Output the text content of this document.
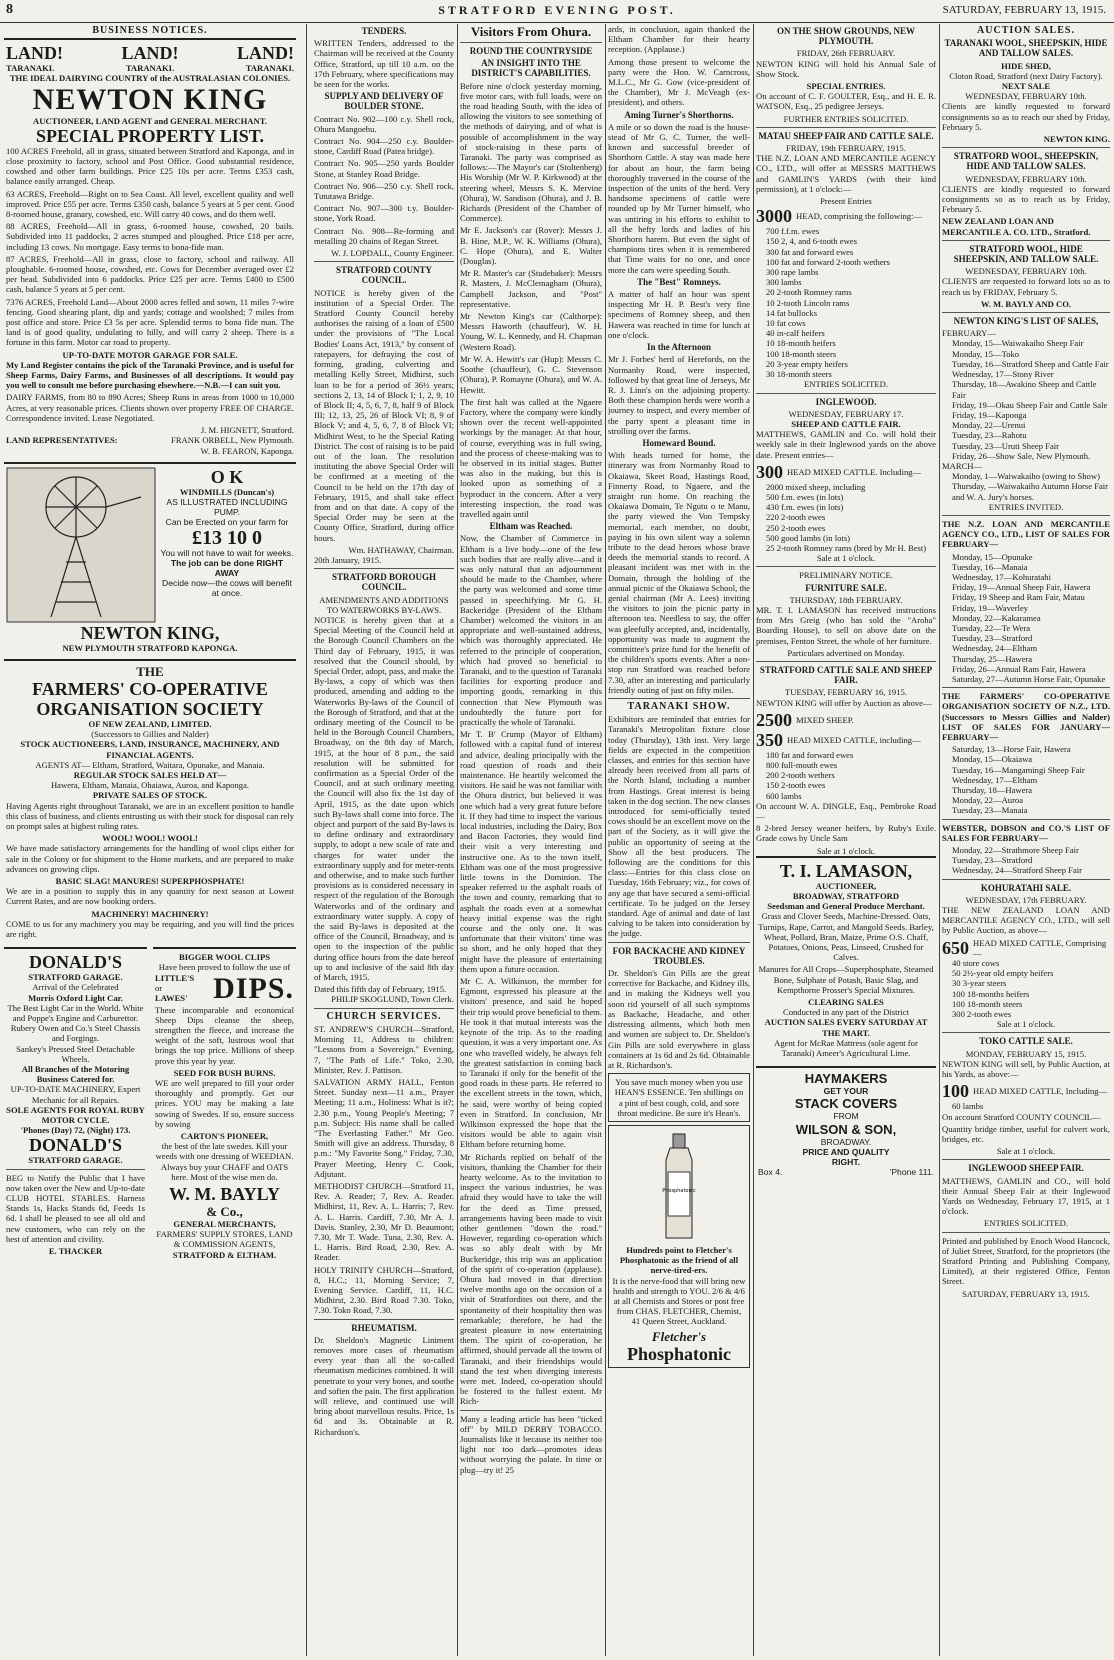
8	STRATFORD EVENING POST.	SATURDAY, FEBRUARY 13, 1915.
BUSINESS NOTICES.
LAND!	LAND!	LAND!
TARANAKI.	TARANAKI.	TARANAKI.
THE IDEAL DAIRYING COUNTRY of the AUSTRALASIAN COLONIES.
NEWTON KING
AUCTIONEER, LAND AGENT and GENERAL MERCHANT.
SPECIAL PROPERTY LIST.

100 ACRES Freehold, all in grass, situated between Stratford and Kaponga, and in close proximity to factory, school and Post Office. Good substantial residence, cowshed and other farm buildings. Price £25 10s per acre. Terms £353 cash, balance easily arranged. Cheap.

63 ACRES, Freehold—Right on to Sea Coast. All level, excellent quality and well improved. Price £55 per acre. Terms £350 cash, balance 5 years at 5 per cent. Good 8-roomed house, granary, cowshed, etc. Will carry 40 cows, and do them well.

88 ACRES, Freehold—All in grass, 6-roomed house, cowshed, 20 bails. Subdivided into 11 paddocks, 2 acres stumped and ploughed. Price £18 per acre, including 13 cows. No mortgage. Easy terms to bona-fide man.

87 ACRES, Freehold—All in grass, close to factory, school and railway. All ploughable. 6-roomed house, cowshed, etc. Cows for December averaged over £2 per head. Subdivided into 6 paddocks. Price £25 per acre. Terms £400 to £500 cash, balance 5 years at 5 per cent.

7376 ACRES, Freehold Land—About 2000 acres felled and sown, 11 miles 7-wire fencing. Good shearing plant, dip and yards; cottage and woolshed; 7 miles from post office and store. Price £3 5s per acre. Splendid terms to bona fide man. The land is of good quality, undulating to hilly, and will carry 2 sheep. There is a fortune in this farm. Motor car road to property.

UP-TO-DATE MOTOR GARAGE FOR SALE.

My Land Register contains the pick of the Taranaki Province, and is useful for Sheep Farms, Dairy Farms, and Businesses of all descriptions. It would pay you well to consult me before purchasing elsewhere.—N.B.—I can suit you.

DAIRY FARMS, from 80 to 890 Acres; Sheep Runs in areas from 1000 to 10,000 Acres, at very reasonable prices. Clients shown over property FREE OF CHARGE. Correspondence invited. Lease Negotiated.

J. M. HIGNETT, Stratford.
LAND REPRESENTATIVES:	FRANK ORBELL, New Plymouth.
W. B. FEARON, Kaponga.
O K
WINDMILLS (Duncan's)
AS ILLUSTRATED INCLUDING PUMP.
Can be Erected on your farm for
£13 10 0
You will not have to wait for weeks.
The job can be done RIGHT AWAY
Decide now—the cows will benefit at once.
NEWTON KING,
NEW PLYMOUTH STRATFORD KAPONGA.
THE
FARMERS' CO-OPERATIVE
ORGANISATION SOCIETY
OF NEW ZEALAND, LIMITED.
(Successors to Gillies and Nalder)
STOCK AUCTIONEERS, LAND, INSURANCE, MACHINERY, AND FINANCIAL AGENTS.
AGENTS AT— Eltham, Stratford, Waitara, Opunake, and Manaia.
REGULAR STOCK SALES HELD AT—
Hawera, Eltham, Manaia, Ohaiawa, Auroa, and Kaponga.
PRIVATE SALES OF STOCK.

Having Agents right throughout Taranaki, we are in an excellent position to handle this class of business, and clients entrusting us with their stock for disposal can rely on prompt sales at highest ruling rates.

WOOL! WOOL! WOOL!

We have made satisfactory arrangements for the handling of wool clips either for sale in the Colony or for shipment to the Home markets, and are prepared to make advances on growing clips.

BASIC SLAG! MANURES! SUPERPHOSPHATE!

We are in a position to supply this in any quantity for next season at Lowest Current Rates, and are now booking orders.

MACHINERY! MACHINERY!

COME to us for any machinery you may be requiring, and you will find the prices are right.

DONALD'S
STRATFORD GARAGE.
Arrival of the Celebrated
Morris Oxford Light Car.
The Best Light Car in the World. White and Poppe's Engine and Carburettor.
Rubery Owen and Co.'s Steel Chassis and Forgings.
Sankey's Pressed Steel Detachable Wheels.
All Branches of the Motoring Business Catered for.
UP-TO-DATE MACHINERY, Expert Mechanic for all Repairs.
SOLE AGENTS FOR ROYAL RUBY MOTOR CYCLE.
'Phones (Day) 72, (Night) 173.
DONALD'S
STRATFORD GARAGE.

BEG to Notify the Public that I have now taken over the New and Up-to-date CLUB HOTEL STABLES. Harness Stands 1s, Hacks Stands 6d, Feeds 1s 6d. I shall be pleased to see all old and new customers, who can rely on the best of attention and civility.

E. THACKER
BIGGER WOOL CLIPS
Have been proved to follow the use of
LITTLE'S
or
LAWES' DIPS.

These incomparable and economical Sheep Dips cleanse the sheep, strengthen the fleece, and increase the weight of the soft, lustrous wool that brings the top price. Millions of sheep prove this year by year.

SEED FOR BUSH BURNS.

WE are well prepared to fill your order thoroughly and promptly. Get our prices. YOU may be making a late sowing of Swedes. If so, ensure success by sowing

CARTON'S PIONEER,

the best of the late swedes. Kill your weeds with one dressing of WEEDIAN. Always buy your CHAFF and OATS here. Most of the wise men do.

W. M. BAYLY
& Co.,
GENERAL MERCHANTS,
FARMERS' SUPPLY STORES, LAND & COMMISSION AGENTS,
STRATFORD & ELTHAM.
TENDERS.

WRITTEN Tenders, addressed to the Chairman will be received at the County Office, Stratford, up till 10 a.m. on the 17th February, where specifications may be seen for the works.

SUPPLY AND DELIVERY OF BOULDER STONE.

Contract No. 902—100 c.y. Shell rock, Ohura Mangoehu.

Contract No. 904—250 c.y. Boulder-stone, Cardiff Road (Patea bridge).

Contract No. 905—250 yards Boulder Stone, at Stanley Road Bridge.

Contract No. 906—250 c.y. Shell rock, Tututawa Bridge.

Contract No. 907—300 t.y. Boulder-stone, York Road.

Contract No. 908—Re-forming and metalling 20 chains of Regan Street.

W. J. LOPDALL, County Engineer.
STRATFORD COUNTY COUNCIL.

NOTICE is hereby given of the institution of a Special Order. The Stratford County Council hereby authorises the raising of a loan of £500 under the provisions of "The Local Bodies' Loans Act, 1913," by consent of ratepayers, for defraying the cost of forming, grading, culverting and metalling Kelly Street, Midhirst, such loan to be for a period of 36½ years; sections 2, 13, 14 of Block I; 1, 2, 9, 10 of Block II; 4, 5, 6, 7, 8, half 9 of Block III; 12, 13, 25, 26 of Block VI; 8, 9 of Block V; and 4, 5, 6, 7, 8 of Block VI; Midhirst West, to be the Special Rating District. The cost of raising is to be paid out of the loan. The resolution instituting the above Special Order will be confirmed at a meeting of the Council to be held on the 17th day of February, 1915, and shall take effect from and on that date. A copy of the Special Order may be seen at the County Office, Stratford, during office hours.

Wm. HATHAWAY, Chairman.
20th January, 1915.
STRATFORD BOROUGH COUNCIL.
AMENDMENTS AND ADDITIONS TO WATERWORKS BY-LAWS.

NOTICE is hereby given that at a Special Meeting of the Council held at the Borough Council Chambers on the Third day of February, 1915, it was resolved that the Council should, by Special Order, adopt, pass, and make the By-laws, a copy of which was then produced, amending and adding to the Waterworks By-laws of the Council of the Borough of Stratford, and that at the ordinary meeting of the Council to be held in the Borough Council Chambers, Broadway, on the 8th day of March, 1915, at the hour of 8 p.m., the said resolution will be submitted for confirmation as a Special Order of the Council, and at such ordinary meeting the Council will also fix the 1st day of April, 1915, as the date upon which such By-laws shall come into force. The object and purport of the said By-laws is to define ordinary and extraordinary supply, to adopt a new scale of rate and charges for water under the extraordinary supply and for meter-rents and otherwise, and to make such further provisions as is considered necessary in respect of the regulation of the Borough Waterworks and of the ordinary and extraordinary water supply. A copy of the said By-laws is deposited at the office of the Council, Broadway, and is open to the inspection of the public during office hours from the date hereof up to and inclusive of the said 8th day of March, 1915.

Dated this fifth day of February, 1915.
PHILIP SKOGLUND, Town Clerk.
CHURCH SERVICES.

ST. ANDREW'S CHURCH—Stratford, Morning 11, Address to children: "Lessons from a Sovereign." Evening, 7, "The Path of Life." Toko, 2.30, Minister, Rev. J. Pattison.

SALVATION ARMY HALL, Fenton Street. Sunday next—11 a.m., Prayer Meeting; 11 a.m., Holiness: What is it?; 2.30 p.m., Young People's Meeting; 7 p.m. Subject: His name shall be called "The Everlasting Father." Mr Geo. Smith will give an address. Thursday, 8 p.m.: "My Favorite Song." Friday, 7.30, Prayer Meeting, Henry C. Cook, Adjutant.

METHODIST CHURCH—Stratford 11, Rev. A. Reader; 7, Rev. A. Reader. Midhirst, 11, Rev. A. L. Harris; 7, Rev. A. L. Harris. Cardiff, 7.30, Mr A. J. Davis. Stanley, 2.30, Mr D. Beaumont; 7.30, Mr T. Wade. Tuna, 2.30, Rev. A. L. Harris. Bird Road, 2.30, Rev. A. Reader.

HOLY TRINITY CHURCH—Stratford, 8, H.C.; 11, Morning Service; 7, Evening Service. Cardiff, 11, H.C. Midhirst, 2.30. Bird Road 7.30. Toko, 7.30. Toko Road, 7.30.

RHEUMATISM.

Dr. Sheldon's Magnetic Liniment removes more cases of rheumatism every year than all the so-called rheumatism medicines combined. It will penetrate to your very bones, and soothe and soften the pain. The first application will relieve, and continued use will bring about marvellous results. Price, 1s 6d and 3s. Obtainable at R. Richardson's.

Visitors From Ohura.
ROUND THE COUNTRYSIDE
AN INSIGHT INTO THE DISTRICT'S CAPABILITIES.

Before nine o'clock yesterday morning, five motor cars, with full loads, were on the road heading South, with the idea of allowing the visitors to see something of the methods of dairying, and of what is possible of accomplishment in the way of stock-raising in these parts of Taranaki. The party was comprised as follows:—The Mayor's car (Stoltenberg) His Worship (Mr W. P. Kirkwood) at the steering wheel, Messrs S. K. Mervine (Ohura), W. Sandison (Ohura), and J. B. Richards (President of the Chamber of Commerce).

Mr E. Jackson's car (Rover): Messrs J. B. Hine, M.P., W. K. Williams (Ohura), C. Hope (Ohura), and E. Walter (Douglas).

Mr R. Master's car (Studebaker): Messrs R. Masters, J. McClemagham (Ohura), Campbell Jackson, and "Post" representative.

Mr Newton King's car (Calthorpe): Messrs Haworth (chauffeur), W. H. Young, W. L. Kennedy, and H. Chapman (Western Road).

Mr W. A. Hewitt's car (Hup): Messrs C. Soothe (chauffeur), G. C. Stevenson (Ohura), P. Romayne (Ohura), and W. A. Hewitt.

The first halt was called at the Ngaere Factory, where the company were kindly shown over the recent well-appointed workings by the manager. At that hour, of course, everything was in full swing, and the process of cheese-making was to be observed in its initial stages. Butter was also in the making, but this is looked upon as something of a byproduct in the concern. After a very interesting inspection, the road was travelled again until

Eltham was Reached.

Now, the Chamber of Commerce in Eltham is a live body—one of the few such bodies that are really alive—and it was only natural that an adjournment should be made to the Chamber, where the party was welcomed and some time passed in speechifying. Mr G. H. Backeridge (President of the Eltham Chamber) welcomed the visitors in an appropriate and well-sustained address, which was thoroughly appreciated. He referred to the principle of cooperation, which had proved so beneficial to Taranaki, and to the question of Taranaki facilities for exporting produce and importing goods, remarking in this connection that New Plymouth was undoubtedly the future port for practically the whole of Taranaki.

Mr T. B' Crump (Mayor of Eltham) followed with a capital fund of interest and advice, dealing principally with the road question of roads and their maintenance. He heartily welcomed the visitors. He said he was not familiar with the Ohura district, but believed it was one which had a very great future before it. If they had time to inspect the various local industries, including the Dairy, Box and Bacon Factories, they would find their visit a very interesting and instructive one. As to the town itself, Eltham was one of the most progressive little towns in the Dominion. The speaker referred to the asphalt roads of the town and county, remarking that to asphalt the roads even at a somewhat heavy initial expense was the right course and the only one. It was unfortunate that their visitors' time was so short, and he only hoped that they might have the pleasure of entertaining them upon a future occasion.

Mr C. A. Wilkinson, the member for Egmont, expressed his pleasure at the visitors' presence, and said he hoped their trip would prove beneficial to them. He took it that mutual interests was the keynote of the trip. As to the roading question, it was a very important one. As one who travelled widely, he always felt the greatest satisfaction in coming back to Taranaki if only for the benefit of the good roads in these parts. He referred to the excellent streets in the town, which, he said, were worthy of being copied even in Stratford. In conclusion, Mr Wilkinson expressed the hope that the visitors would be able to again visit Eltham before returning home.

Mr Richards replied on behalf of the visitors, thanking the Chamber for their hearty welcome. As to the invitation to inspect the various industries, he was afraid they would have to take the will for the deed as Time pressed, arrangements having been made to visit other gentlemen "down the road." However, regarding co-operation which was so ably dealt with by Mr Buckeridge, this trip was an application of the spirit of co-operation (applause). Ohura had moved in that direction twelve months ago on the occasion of a visit of Stratfordites out there, and the spontaneity of their hospitality then was remarkable; therefore, he had the greatest pleasure in now entertaining them. The spirit of co-operation, he affirmed, should pervade all the towns of Taranaki, and their friendships would stand the test when diverging interests were met. Indeed, co-operation should be fostered to the fullest extent. Mr Rich-

Many a leading article has been "ticked off" by MILD DERBY TOBACCO. Journalists like it because its neither too light nor too dark—promotes ideas without worrying the palate. In time or plug—try it! 25

ards, in conclusion, again thanked the Eltham Chamber for their hearty reception. (Applause.)

Among those present to welcome the party were the Hon. W. Carncross, M.L.C., Mr G. Gow (vice-president of the Chamber), Mr J. McVeagh (ex-president), and others.

Aming Turner's Shorthorns.

A mile or so down the road is the house-stead of Mr G. C. Turner, the well-known and successful breeder of Shorthorn Cattle. A stay was made here for about an hour, the farm being thoroughly traversed in the course of the inspection of the units of the herd. Very handsome specimens of cattle were rounded up by Mr Turner himself, who was untiring in his efforts to exhibit to all the hefty lords and ladies of his Shorthorn harem. But even the sight of champions tires when it is remembered that Time waits for no one, and once more the cars were speeding South.

The "Best" Romneys.

A matter of half an hour was spent inspecting Mr H. P. Best's very fine specimens of Romney sheep, and then Hawera was reached in time for lunch at one o'clock.

In the Afternoon

Mr J. Forbes' herd of Herefords, on the Normanby Road, were inspected, followed by that great line of Jerseys, Mr R. J. Linn's on the adjoining property. Both these champion herds were worth a journey to inspect, and every member of the party spent a pleasant time in strolling over the farms.

Homeward Bound.

With heads turned for home, the itinerary was from Normanby Road to Okaiawa, Skeet Road, Hastings Road, Finnerty Road, to Ngaere, and the straight run home. On reaching the Okaiawa Domain, Te Ngutu o te Manu, the party viewed the Von Tempsky memorial, each member, no doubt, paying in his own silent way a solemn tribute to the dead heroes whose brave deeds the memorial stands to record. A pleasant incident was met with in the Domain, through the holding of the annual picnic of the Okaiawa School, the genial chairman (Mr A. Lees) inviting the visitors to join the picnic party in afternoon tea. Needless to say, the offer was gleefully accepted, and, incidentally, opportunity was made to augment the committee's prize fund for the benefit of the children's sports events. After a non-stop run Stratford was reached before 7.30, after an interesting and particularly friendly outing of just on fifty miles.

TARANAKI SHOW.

Exhibitors are reminded that entries for Taranaki's Metropolitan fixture close today (Thursday), 13th inst. Very large fields are expected in the competition classes, and entries for this section have already been received from all parts of the North Island, including a number from Hastings. Great interest is being taken in the dog section. The new classes introduced for semi-officially tested cows should be an excellent move on the part of the Society, as it will give the public an opportunity of seeing at the Show all the best producers. The following are the conditions for this class:—Entries for this class close on Tuesday, 16th February; viz., for cows of any age that have secured a semi-official certificate. To be judged on the Jersey standard. Age of animal and date of last calving to be taken into consideration by the judge.

FOR BACKACHE AND KIDNEY TROUBLES.

Dr. Sheldon's Gin Pills are the great corrective for Backache, and Kidney ills, and in making the Kidneys well you soon rid yourself of all such symptoms as Backache, Headache, and other distressing ailments, which both men and women are subject to. Dr. Sheldon's Gin Pills are sold everywhere in glass containers at 1s 6d and 2s 6d. Obtainable at R. Richardson's.

You save much money when you use HEAN'S ESSENCE. Ten shillings on a pint of best cough, cold, and sore throat medicine. Be sure it's Hean's.
Phosphatonic
Hundreds point to Fletcher's Phosphatonic as the friend of all nerve-tired-ers.

It is the nerve-food that will bring new health and strength to YOU. 2/6 & 4/6 at all Chemists and Stores or post free from CHAS. FLETCHER, Chemist, 41 Queen Street, Auckland.

Fletcher's
Phosphatonic
ON THE SHOW GROUNDS, NEW PLYMOUTH.
FRIDAY, 26th FEBRUARY.

NEWTON KING will hold his Annual Sale of Show Stock.

SPECIAL ENTRIES.

On account of C. F. GOULTER, Esq., and H. E. R. WATSON, Esq., 25 pedigree Jerseys.

FURTHER ENTRIES SOLICITED.
MATAU SHEEP FAIR AND CATTLE SALE.
FRIDAY, 19th FEBRUARY, 1915.

THE N.Z. LOAN AND MERCANTILE AGENCY CO., LTD., will offer at MESSRS MATTHEWS and GAMLIN'S YARDS (with their kind permission), at 1 o'clock:—

Present Entries
3000 HEAD, comprising the following:—
700 f.f.m. ewes
150 2, 4, and 6-tooth ewes
300 fat and forward ewes
100 fat and forward 2-tooth wethers
300 rape lambs
300 lambs
20 2-tooth Romney rams
10 2-tooth Lincoln rams
14 fat bullocks
10 fat cows
40 in-calf heifers
10 18-month heifers
100 18-month steers
20 3-year empty heifers
30 18-month steers
ENTRIES SOLICITED.
INGLEWOOD.
WEDNESDAY, FEBRUARY 17.
SHEEP AND CATTLE FAIR.

MATTHEWS, GAMLIN and Co. will hold their weekly sale in their Inglewood yards on the above date. Present entries—

300 HEAD MIXED CATTLE. Including—
2000 mixed sheep, including
500 f.m. ewes (in lots)
430 f.m. ewes (in lots)
220 2-tooth ewes
250 2-tooth ewes
500 good lambs (in lots)
25 2-tooth Romney rams (bred by Mr H. Best)
Sale at 1 o'clock.
PRELIMINARY NOTICE.
FURNITURE SALE.
THURSDAY, 18th FEBRUARY.

MR. T. I. LAMASON has received instructions from Mrs Greig (who has sold the "Aroha" Boarding House), to sell on above date on the premises, Fenton Street, the whole of her furniture.

Particulars advertised on Monday.
STRATFORD CATTLE SALE AND SHEEP FAIR.
TUESDAY, FEBRUARY 16, 1915.

NEWTON KING will offer by Auction as above—

2500 MIXED SHEEP.
350 HEAD MIXED CATTLE, including—
180 fat and forward ewes
800 full-mouth ewes
200 2-tooth wethers
150 2-tooth ewes
600 lambs

On account W. A. DINGLE, Esq., Pembroke Road—

8 2-bred Jersey weaner heifers, by Ruby's Exile. Grade cows by Uncle Sam

Sale at 1 o'clock.
T. I. LAMASON,
AUCTIONEER,
BROADWAY, STRATFORD
Seedsman and General Produce Merchant.

Grass and Clover Seeds, Machine-Dressed. Oats, Turnips, Rape, Carrot, and Mangold Seeds. Barley, Wheat, Pollard, Bran, Maize, Prime O.S. Chaff, Potatoes, Onions, Peas, Linseed, Crushed for Calves.

Manures for All Crops—Superphosphate, Steamed Bone, Sulphate of Potash, Basic Slag, and Kempthorne Prosser's Special Mixtures.

CLEARING SALES
Conducted in any part of the District
AUCTION SALES EVERY SATURDAY AT THE MART.

Agent for McRae Mattress (sole agent for Taranaki) Ameer's Agricultural Lime.

HAYMAKERS
GET YOUR
STACK COVERS
FROM
WILSON & SON,
BROADWAY.
PRICE AND QUALITY
RIGHT.
Box 4.	'Phone 111.
AUCTION SALES.
TARANAKI WOOL, SHEEPSKIN, HIDE AND TALLOW SALES.
HIDE SHED,
Cloton Road, Stratford (next Dairy Factory).
NEXT SALE
WEDNESDAY, FEBRUARY 10th.

Clients are kindly requested to forward consignments so as to reach our shed by Friday, February 5.

NEWTON KING.
STRATFORD WOOL, SHEEPSKIN, HIDE AND TALLOW SALES.
WEDNESDAY, FEBRUARY 10th.

CLIENTS are kindly requested to forward consignments so as to reach us by Friday, February 5.

NEW ZEALAND LOAN AND MERCANTILE A. CO. LTD., Stratford.
STRATFORD WOOL, HIDE SHEEPSKIN, AND TALLOW SALE.
WEDNESDAY, FEBRUARY 10th.

CLIENTS are requested to forward lots so as to reach us by FRIDAY, February 5.

W. M. BAYLY AND CO.
NEWTON KING'S LIST OF SALES,
FEBRUARY—
Monday, 15—Waiwakaiho Sheep Fair
Monday, 15—Toko
Tuesday, 16—Stratford Sheep and Cattle Fair
Wednesday, 17—Stony River
Thursday, 18—Awakino Sheep and Cattle Fair
Friday, 19—Okau Sheep Fair and Cattle Sale
Friday, 19—Kaponga
Monday, 22—Urenui
Tuesday, 23—Rahotu
Tuesday, 23—Uruti Sheep Fair
Friday, 26—Show Sale, New Plymouth.
MARCH—
Monday, 1—Waiwakaiho (owing to Show)
Thursday, —Waiwakaiho Autumn Horse Fair and W. A. Jury's horses.
ENTRIES INVITED.

THE N.Z. LOAN AND MERCANTILE AGENCY CO., LTD., LIST OF SALES FOR FEBRUARY—

Monday, 15—Opunake
Tuesday, 16—Manaia
Wednesday, 17—Kohuratahi
Friday, 19—Annual Sheep Fair, Hawera
Friday, 19 Sheep and Ram Fair, Matau
Friday, 19—Waverley
Monday, 22—Kakaramea
Tuesday, 22—Te Wera
Tuesday, 23—Stratford
Wednesday, 24—Eltham
Thursday, 25—Hawera
Friday, 26—Annual Ram Fair, Hawera
Saturday, 27—Autumn Horse Fair, Opunake

THE FARMERS' CO-OPERATIVE ORGANISATION SOCIETY OF N.Z., LTD. (Successors to Messrs Gillies and Nalder) LIST OF SALES FOR JANUARY—FEBRUARY—

Saturday, 13—Horse Fair, Hawera
Monday, 15—Okaiawa
Tuesday, 16—Mangamingi Sheep Fair
Wednesday, 17—Eltham
Thursday, 18—Hawera
Monday, 22—Auroa
Tuesday, 23—Manaia

WEBSTER, DOBSON and CO.'S LIST OF SALES FOR FEBRUARY—

Monday, 22—Strathmore Sheep Fair
Tuesday, 23—Stratford
Wednesday, 24—Stratford Sheep Fair
KOHURATAHI SALE.
WEDNESDAY, 17th FEBRUARY.

THE NEW ZEALAND LOAN AND MERCANTILE AGENCY CO., LTD., will sell by Public Auction, as above—

650 HEAD MIXED CATTLE, Comprising—
40 store cows
50 2½-year old empty heifers
30 3-year steers
100 18-months heifers
100 18-month steers
300 2-tooth ewes
Sale at 1 o'clock.
TOKO CATTLE SALE.
MONDAY, FEBRUARY 15, 1915.

NEWTON KING will sell, by Public Auction, at his Yards, as above:—

100 HEAD MIXED CATTLE, Including—
60 lambs

On account Stratford COUNTY COUNCIL—

Quantity bridge timber, useful for culvert work, bridges, etc.

Sale at 1 o'clock.
INGLEWOOD SHEEP FAIR.

MATTHEWS, GAMLIN and CO., will hold their Annual Sheep Fair at their Inglewood Yards on Wednesday, February 17, 1915, at 1 o'clock.

ENTRIES SOLICITED.

Printed and published by Enoch Wood Hancock, of Juliet Street, Stratford, for the proprietors (the Stratford Printing and Publishing Company, Limited), at their registered Office, Fenton Street.

SATURDAY, FEBRUARY 13, 1915.
